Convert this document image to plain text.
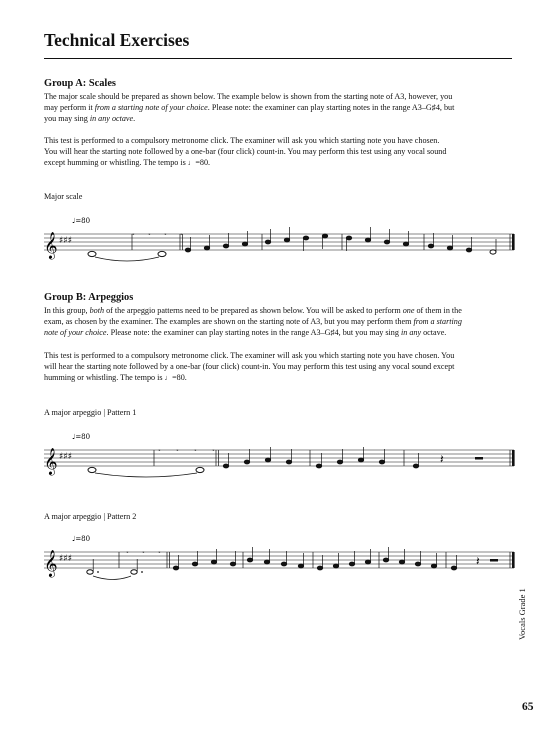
Technical Exercises
Group A: Scales

The major scale should be prepared as shown below. The example below is shown from the starting note of A3, however, you
may perform it from a starting note of your choice. Please note: the examiner can play starting notes in the range A3–G♯4, but
you may sing in any octave.

This test is performed to a compulsory metronome click. The examiner will ask you which starting note you have chosen.
You will hear the starting note followed by a one-bar (four click) count-in. You may perform this test using any vocal sound
except humming or whistling. The tempo is ♩=80.

Major scale

♩=80
𝄞 ♯♯♯
𝅃 𝅃 𝅃 𝅃
Group B: Arpeggios

In this group, both of the arpeggio patterns need to be prepared as shown below. You will be asked to perform one of them in the
exam, as chosen by the examiner. The examples are shown on the starting note of A3, but you may perform them from a starting
note of your choice. Please note: the examiner can play starting notes in the range A3–G♯4, but you may sing in any octave.

This test is performed to a compulsory metronome click. The examiner will ask you which starting note you have chosen. You
will hear the starting note followed by a one-bar (four click) count-in. You may perform this test using any vocal sound except
humming or whistling. The tempo is ♩=80.

A major arpeggio | Pattern 1

♩=80
𝄞 ♯♯♯
𝅃 𝅃 𝅃 𝅃
𝄽

A major arpeggio | Pattern 2

♩=80
𝄞 ♯♯♯
𝅃 𝅃 𝅃
𝄽
Vocals Grade 1
65
